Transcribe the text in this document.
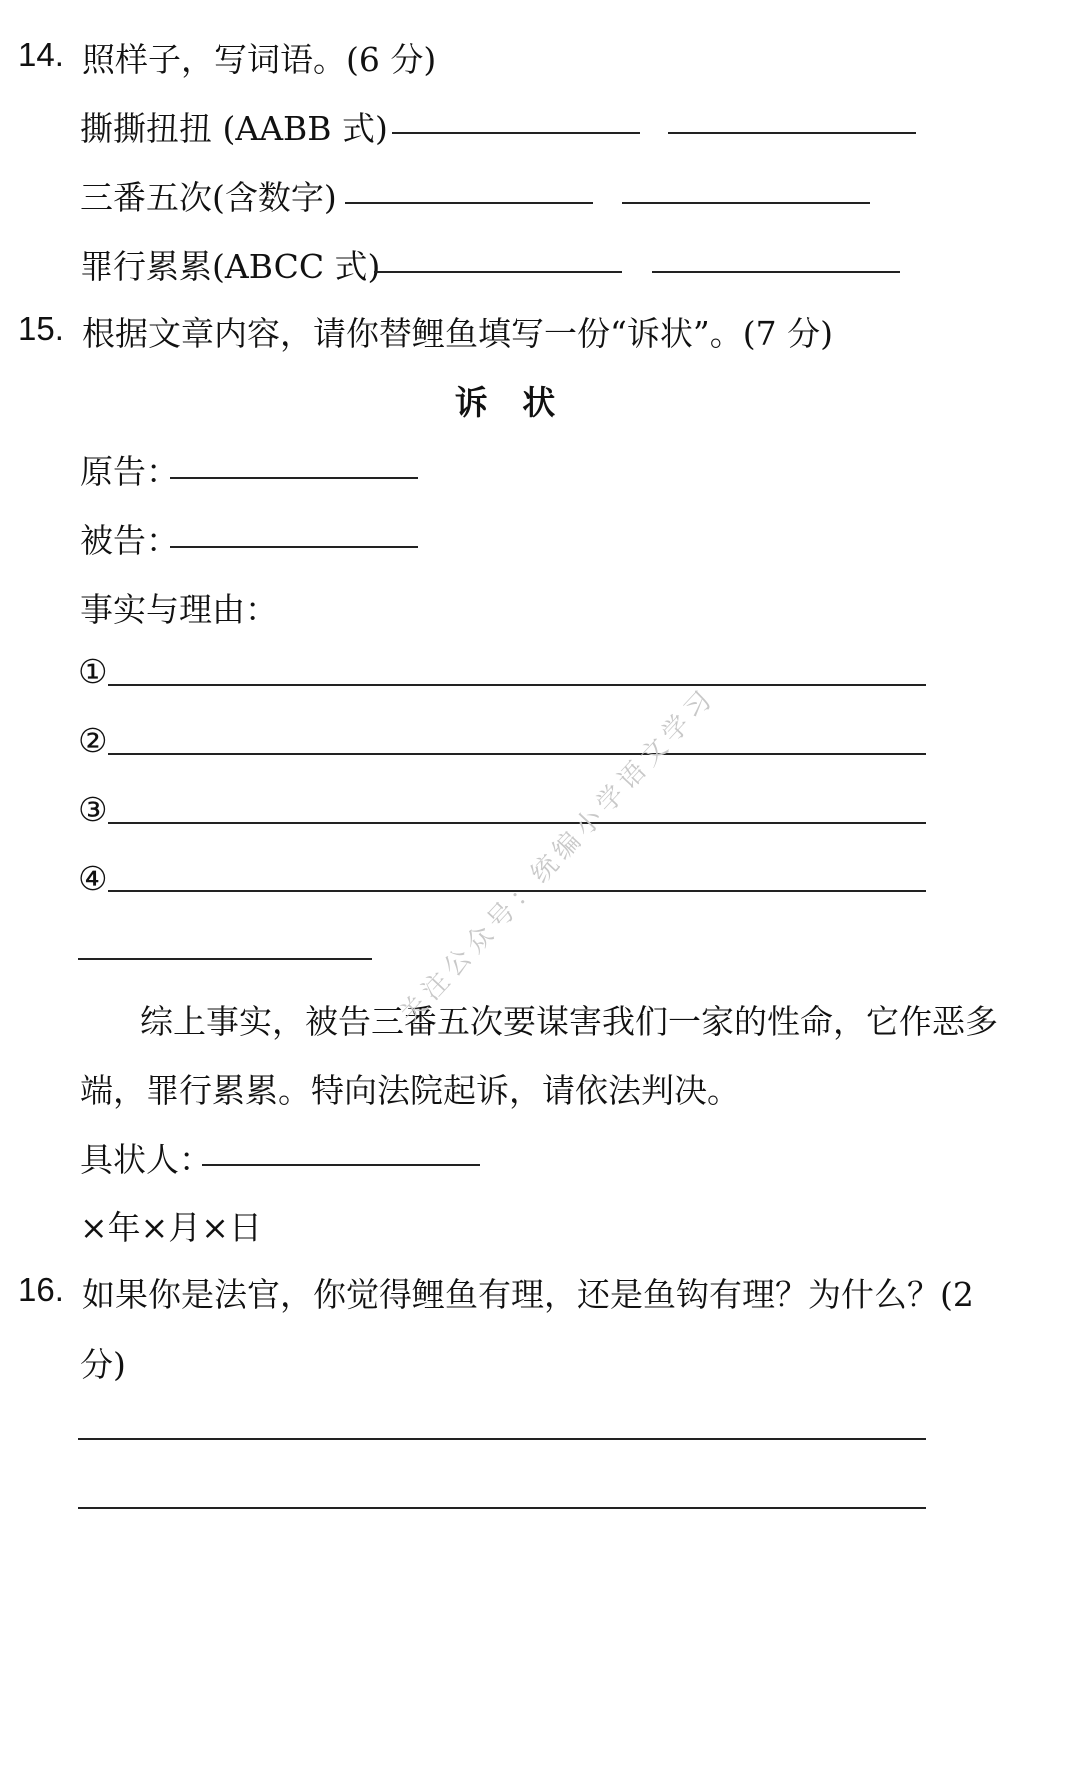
14. 照样子，写词语。(6 分)
撕撕扭扭 (AABB 式)
三番五次(含数字)
罪行累累(ABCC 式)
15. 根据文章内容，请你替鲤鱼填写一份“诉状”。(7 分)
诉   状
原告：
被告：
事实与理由：
①
②
③
④
综上事实，被告三番五次要谋害我们一家的性命，它作恶多
端，罪行累累。特向法院起诉，请依法判决。
具状人：
×年×月×日
16. 如果你是法官，你觉得鲤鱼有理，还是鱼钩有理？为什么？(2
分)
关注公众号：统编小学语文学习
